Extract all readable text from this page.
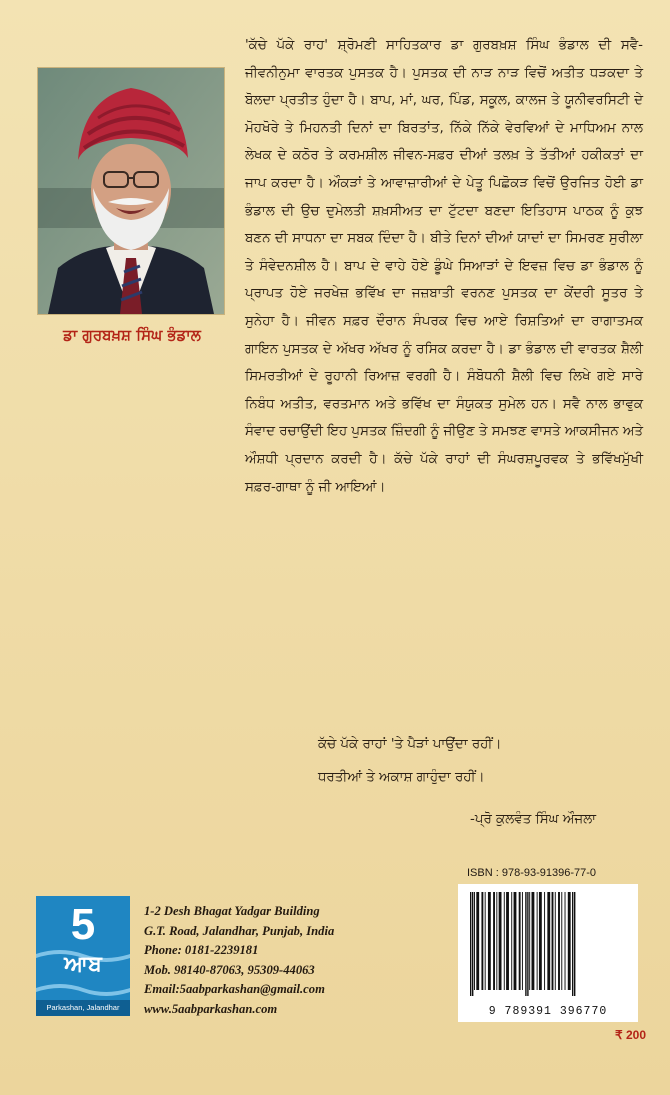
ਡਾ ਗੁਰਬਖ਼ਸ਼ ਸਿੰਘ ਭੰਡਾਲ

'ਕੱਚੇ ਪੱਕੇ ਰਾਹ' ਸ਼੍ਰੋਮਣੀ ਸਾਹਿਤਕਾਰ ਡਾ ਗੁਰਬਖ਼ਸ਼ ਸਿੰਘ ਭੰਡਾਲ ਦੀ ਸਵੈ-ਜੀਵਨੀਨੁਮਾ ਵਾਰਤਕ ਪੁਸਤਕ ਹੈ। ਪੁਸਤਕ ਦੀ ਨਾੜ ਨਾੜ ਵਿਚੋਂ ਅਤੀਤ ਧੜਕਦਾ ਤੇ ਬੋਲਦਾ ਪ੍ਰਤੀਤ ਹੁੰਦਾ ਹੈ। ਬਾਪ, ਮਾਂ, ਘਰ, ਪਿੰਡ, ਸਕੂਲ, ਕਾਲਜ ਤੇ ਯੂਨੀਵਰਸਿਟੀ ਦੇ ਮੋਹਖੋਰੇ ਤੇ ਮਿਹਨਤੀ ਦਿਨਾਂ ਦਾ ਬਿਰਤਾਂਤ, ਨਿੱਕੇ ਨਿੱਕੇ ਵੇਰਵਿਆਂ ਦੇ ਮਾਧਿਅਮ ਨਾਲ ਲੇਖਕ ਦੇ ਕਠੋਰ ਤੇ ਕਰਮਸ਼ੀਲ ਜੀਵਨ-ਸਫ਼ਰ ਦੀਆਂ ਤਲਖ਼ ਤੇ ਤੱਤੀਆਂ ਹਕੀਕਤਾਂ ਦਾ ਜਾਪ ਕਰਦਾ ਹੈ। ਔਕੜਾਂ ਤੇ ਆਵਾਜ਼ਾਰੀਆਂ ਦੇ ਪੇਤੂ ਪਿਛੋਕੜ ਵਿਚੋਂ ਉਰਜਿਤ ਹੋਈ ਡਾ ਭੰਡਾਲ ਦੀ ਉਚ ਦੁਮੇਲਤੀ ਸ਼ਖ਼ਸੀਅਤ ਦਾ ਟੁੱਟਦਾ ਬਣਦਾ ਇਤਿਹਾਸ ਪਾਠਕ ਨੂੰ ਕੁਝ ਬਣਨ ਦੀ ਸਾਧਨਾ ਦਾ ਸਬਕ ਦਿੰਦਾ ਹੈ। ਬੀਤੇ ਦਿਨਾਂ ਦੀਆਂ ਯਾਦਾਂ ਦਾ ਸਿਮਰਣ ਸੁਰੀਲਾ ਤੇ ਸੰਵੇਦਨਸ਼ੀਲ ਹੈ। ਬਾਪ ਦੇ ਵਾਹੇ ਹੋਏ ਡੂੰਘੇ ਸਿਆੜਾਂ ਦੇ ਇਵਜ਼ ਵਿਚ ਡਾ ਭੰਡਾਲ ਨੂੰ ਪ੍ਰਾਪਤ ਹੋਏ ਜਰਖੇਜ਼ ਭਵਿੱਖ ਦਾ ਜਜ਼ਬਾਤੀ ਵਰਨਣ ਪੁਸਤਕ ਦਾ ਕੇਂਦਰੀ ਸੂਤਰ ਤੇ ਸੁਨੇਹਾ ਹੈ। ਜੀਵਨ ਸਫ਼ਰ ਦੌਰਾਨ ਸੰਪਰਕ ਵਿਚ ਆਏ ਰਿਸ਼ਤਿਆਂ ਦਾ ਰਾਗਾਤਮਕ ਗਾਇਨ ਪੁਸਤਕ ਦੇ ਅੱਖਰ ਅੱਖਰ ਨੂੰ ਰਸਿਕ ਕਰਦਾ ਹੈ। ਡਾ ਭੰਡਾਲ ਦੀ ਵਾਰਤਕ ਸ਼ੈਲੀ ਸਿਮਰਤੀਆਂ ਦੇ ਰੂਹਾਨੀ ਰਿਆਜ਼ ਵਰਗੀ ਹੈ। ਸੰਬੋਧਨੀ ਸ਼ੈਲੀ ਵਿਚ ਲਿਖੇ ਗਏ ਸਾਰੇ ਨਿਬੰਧ ਅਤੀਤ, ਵਰਤਮਾਨ ਅਤੇ ਭਵਿੱਖ ਦਾ ਸੰਯੁਕਤ ਸੁਮੇਲ ਹਨ। ਸਵੈ ਨਾਲ ਭਾਵੁਕ ਸੰਵਾਦ ਰਚਾਉਂਦੀ ਇਹ ਪੁਸਤਕ ਜ਼ਿੰਦਗੀ ਨੂੰ ਜੀਉਣ ਤੇ ਸਮਝਣ ਵਾਸਤੇ ਆਕਸੀਜਨ ਅਤੇ ਔਸ਼ਧੀ ਪ੍ਰਦਾਨ ਕਰਦੀ ਹੈ। ਕੱਚੇ ਪੱਕੇ ਰਾਹਾਂ ਦੀ ਸੰਘਰਸ਼ਪੂਰਵਕ ਤੇ ਭਵਿੱਖਮੁੱਖੀ ਸਫ਼ਰ-ਗਾਥਾ ਨੂੰ ਜੀ ਆਇਆਂ।

ਕੱਚੇ ਪੱਕੇ ਰਾਹਾਂ 'ਤੇ ਪੈੜਾਂ ਪਾਉਂਦਾ ਰਹੀਂ।
ਧਰਤੀਆਂ ਤੇ ਅਕਾਸ਼ ਗਾਹੁੰਦਾ ਰਹੀਂ।
-ਪ੍ਰੋ ਕੁਲਵੰਤ ਸਿੰਘ ਔਜਲਾ
ISBN : 978-93-91396-77-0
9 789391 396770
₹ 200
5
ਆਬ
Parkashan, Jalandhar
1-2 Desh Bhagat Yadgar Building
G.T. Road, Jalandhar, Punjab, India
Phone: 0181-2239181
Mob. 98140-87063, 95309-44063
Email:5aabparkashan@gmail.com
www.5aabparkashan.com
